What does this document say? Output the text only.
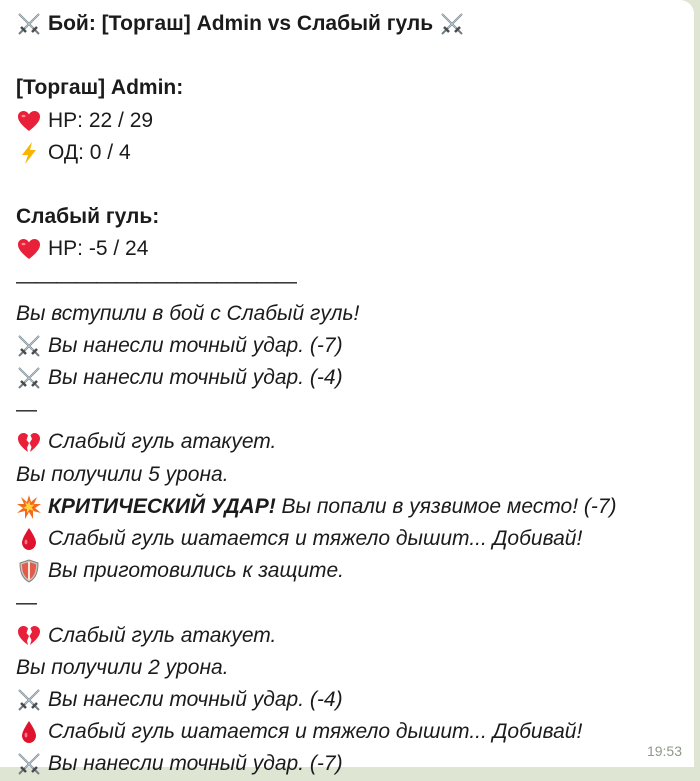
Бой: [Торгаш] Admin vs Слабый гуль
[Торгаш] Admin:
HP: 22 / 29
ОД: 0 / 4
Слабый гуль:
HP: -5 / 24
——————————————
Вы вступили в бой с Слабый гуль!
Вы нанесли точный удар. (-7)
Вы нанесли точный удар. (-4)
—
Слабый гуль атакует.
Вы получили 5 урона.
КРИТИЧЕСКИЙ УДАР! Вы попали в уязвимое место! (-7)
Слабый гуль шатается и тяжело дышит... Добивай!
Вы приготовились к защите.
—
Слабый гуль атакует.
Вы получили 2 урона.
Вы нанесли точный удар. (-4)
Слабый гуль шатается и тяжело дышит... Добивай!
Вы нанесли точный удар. (-7)
19:53
